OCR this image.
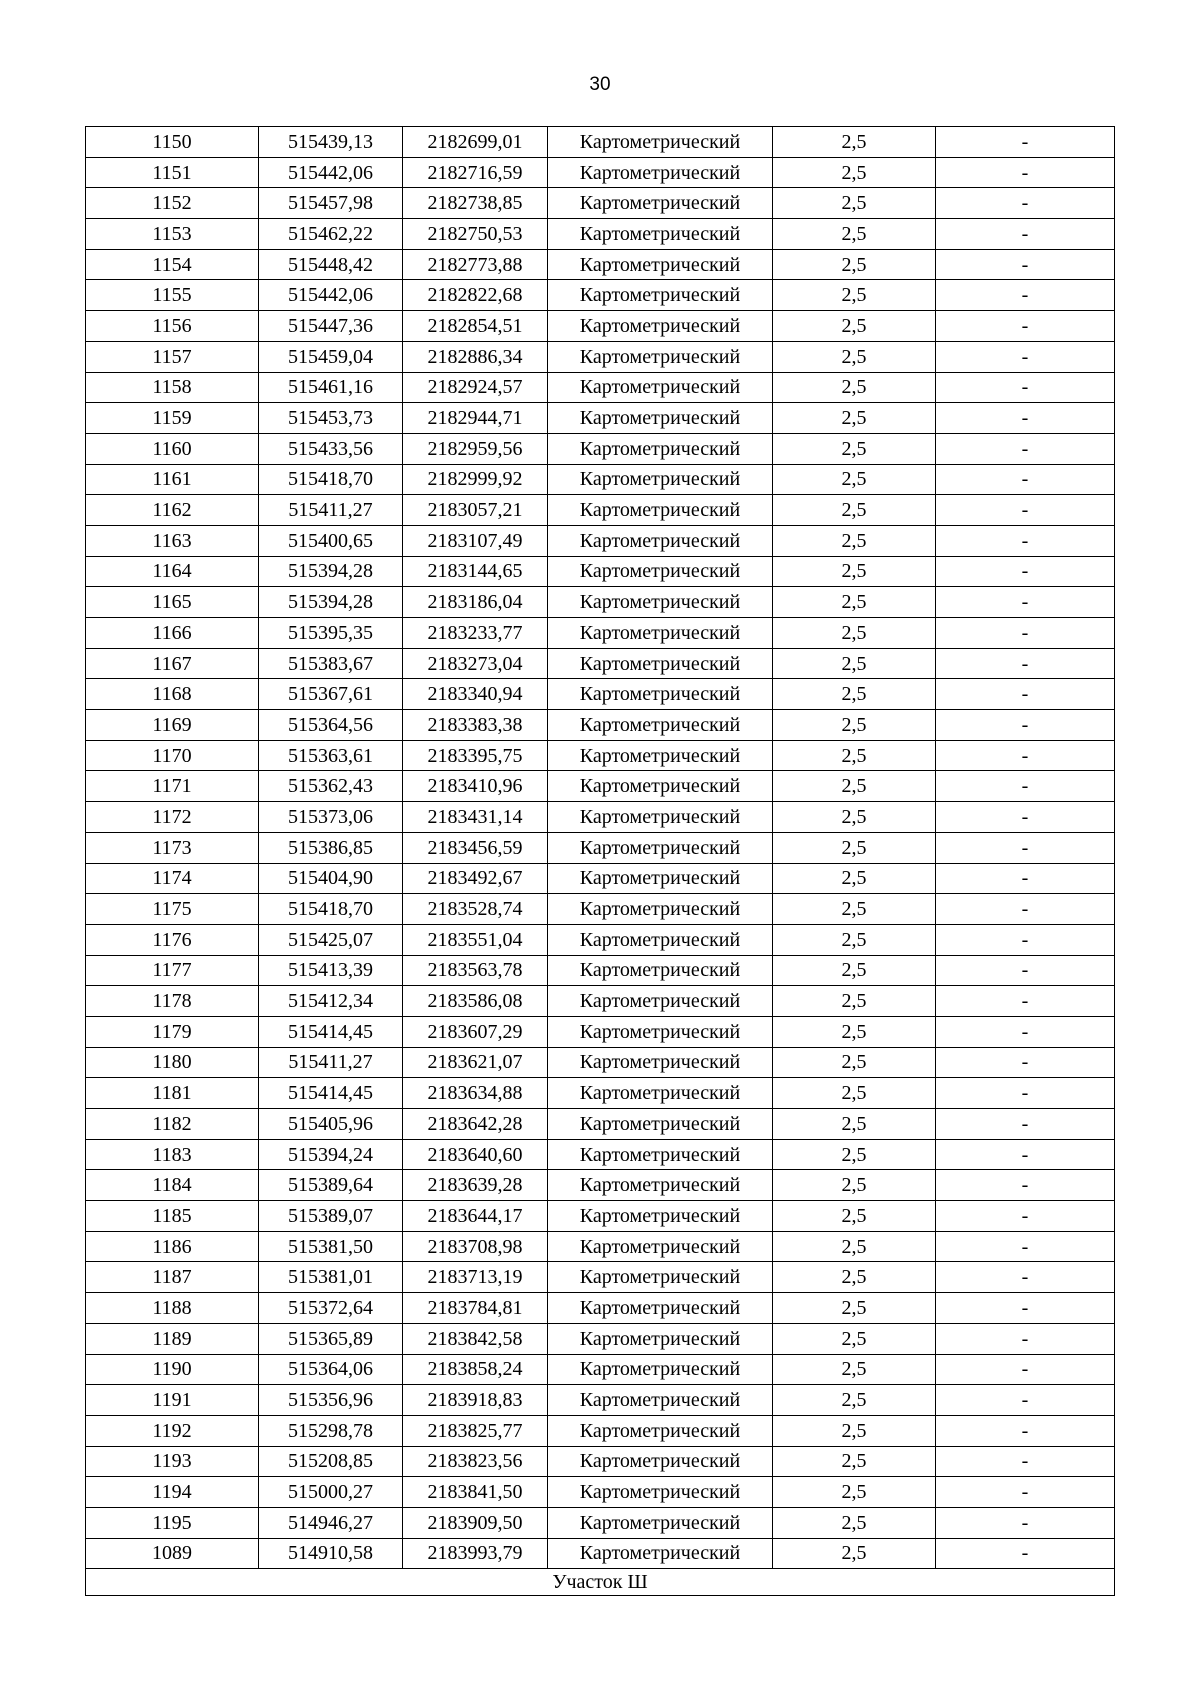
30
1150	515439,13	2182699,01	Картометрический	2,5	-
1151	515442,06	2182716,59	Картометрический	2,5	-
1152	515457,98	2182738,85	Картометрический	2,5	-
1153	515462,22	2182750,53	Картометрический	2,5	-
1154	515448,42	2182773,88	Картометрический	2,5	-
1155	515442,06	2182822,68	Картометрический	2,5	-
1156	515447,36	2182854,51	Картометрический	2,5	-
1157	515459,04	2182886,34	Картометрический	2,5	-
1158	515461,16	2182924,57	Картометрический	2,5	-
1159	515453,73	2182944,71	Картометрический	2,5	-
1160	515433,56	2182959,56	Картометрический	2,5	-
1161	515418,70	2182999,92	Картометрический	2,5	-
1162	515411,27	2183057,21	Картометрический	2,5	-
1163	515400,65	2183107,49	Картометрический	2,5	-
1164	515394,28	2183144,65	Картометрический	2,5	-
1165	515394,28	2183186,04	Картометрический	2,5	-
1166	515395,35	2183233,77	Картометрический	2,5	-
1167	515383,67	2183273,04	Картометрический	2,5	-
1168	515367,61	2183340,94	Картометрический	2,5	-
1169	515364,56	2183383,38	Картометрический	2,5	-
1170	515363,61	2183395,75	Картометрический	2,5	-
1171	515362,43	2183410,96	Картометрический	2,5	-
1172	515373,06	2183431,14	Картометрический	2,5	-
1173	515386,85	2183456,59	Картометрический	2,5	-
1174	515404,90	2183492,67	Картометрический	2,5	-
1175	515418,70	2183528,74	Картометрический	2,5	-
1176	515425,07	2183551,04	Картометрический	2,5	-
1177	515413,39	2183563,78	Картометрический	2,5	-
1178	515412,34	2183586,08	Картометрический	2,5	-
1179	515414,45	2183607,29	Картометрический	2,5	-
1180	515411,27	2183621,07	Картометрический	2,5	-
1181	515414,45	2183634,88	Картометрический	2,5	-
1182	515405,96	2183642,28	Картометрический	2,5	-
1183	515394,24	2183640,60	Картометрический	2,5	-
1184	515389,64	2183639,28	Картометрический	2,5	-
1185	515389,07	2183644,17	Картометрический	2,5	-
1186	515381,50	2183708,98	Картометрический	2,5	-
1187	515381,01	2183713,19	Картометрический	2,5	-
1188	515372,64	2183784,81	Картометрический	2,5	-
1189	515365,89	2183842,58	Картометрический	2,5	-
1190	515364,06	2183858,24	Картометрический	2,5	-
1191	515356,96	2183918,83	Картометрический	2,5	-
1192	515298,78	2183825,77	Картометрический	2,5	-
1193	515208,85	2183823,56	Картометрический	2,5	-
1194	515000,27	2183841,50	Картометрический	2,5	-
1195	514946,27	2183909,50	Картометрический	2,5	-
1089	514910,58	2183993,79	Картометрический	2,5	-
Участок Ш					
